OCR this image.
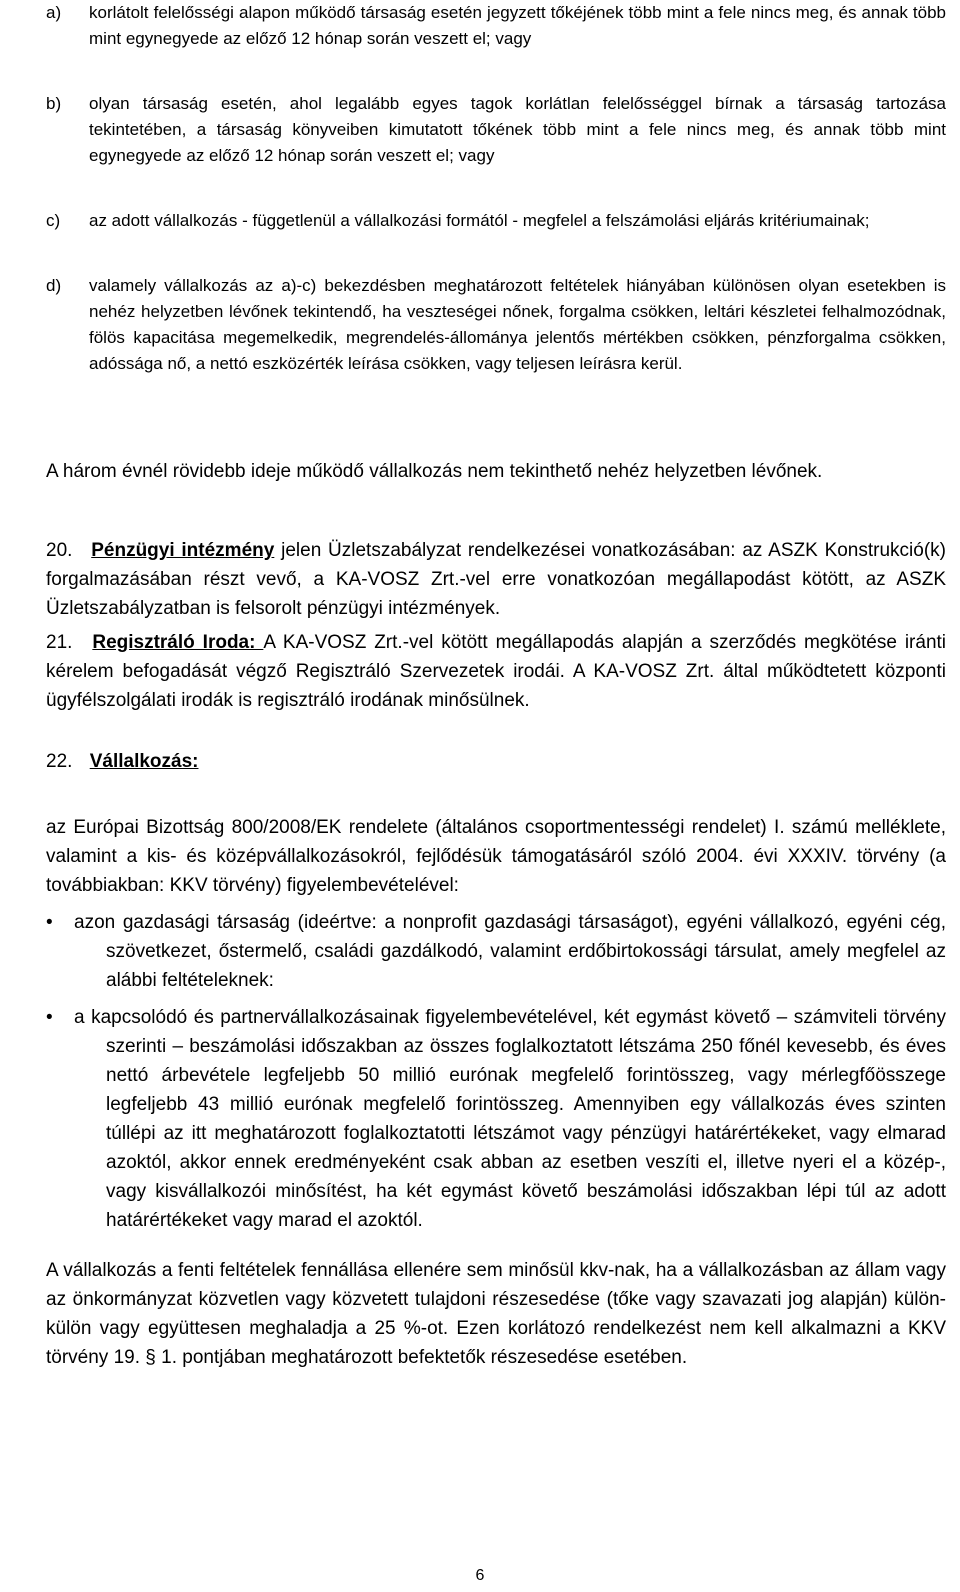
a) korlátolt felelősségi alapon működő társaság esetén jegyzett tőkéjének több mint a fele nincs meg, és annak több mint egynegyede az előző 12 hónap során veszett el; vagy
b) olyan társaság esetén, ahol legalább egyes tagok korlátlan felelősséggel bírnak a társaság tartozása tekintetében, a társaság könyveiben kimutatott tőkének több mint a fele nincs meg, és annak több mint egynegyede az előző 12 hónap során veszett el; vagy
c) az adott vállalkozás - függetlenül a vállalkozási formától - megfelel a felszámolási eljárás kritériumainak;
d) valamely vállalkozás az a)-c) bekezdésben meghatározott feltételek hiányában különösen olyan esetekben is nehéz helyzetben lévőnek tekintendő, ha veszteségei nőnek, forgalma csökken, leltári készletei felhalmozódnak, fölös kapacitása megemelkedik, megrendelés-állománya jelentős mértékben csökken, pénzforgalma csökken, adóssága nő, a nettó eszközérték leírása csökken, vagy teljesen leírásra kerül.
A három évnél rövidebb ideje működő vállalkozás nem tekinthető nehéz helyzetben lévőnek.
20. Pénzügyi intézmény jelen Üzletszabályzat rendelkezései vonatkozásában: az ASZK Konstrukció(k) forgalmazásában részt vevő, a KA-VOSZ Zrt.-vel erre vonatkozóan megállapodást kötött, az ASZK Üzletszabályzatban is felsorolt pénzügyi intézmények.
21. Regisztráló Iroda: A KA-VOSZ Zrt.-vel kötött megállapodás alapján a szerződés megkötése iránti kérelem befogadását végző Regisztráló Szervezetek irodái. A KA-VOSZ Zrt. által működtetett központi ügyfélszolgálati irodák is regisztráló irodának minősülnek.
22. Vállalkozás:
az Európai Bizottság 800/2008/EK rendelete (általános csoportmentességi rendelet) I. számú melléklete, valamint a kis- és középvállalkozásokról, fejlődésük támogatásáról szóló 2004. évi XXXIV. törvény (a továbbiakban: KKV törvény) figyelembevételével:
• azon gazdasági társaság (ideértve: a nonprofit gazdasági társaságot), egyéni vállalkozó, egyéni cég, szövetkezet, őstermelő, családi gazdálkodó, valamint erdőbirtokossági társulat, amely megfelel az alábbi feltételeknek:
• a kapcsolódó és partnervállalkozásainak figyelembevételével, két egymást követő – számviteli törvény szerinti – beszámolási időszakban az összes foglalkoztatott létszáma 250 főnél kevesebb, és éves nettó árbevétele legfeljebb 50 millió eurónak megfelelő forintösszeg, vagy mérlegfőösszege legfeljebb 43 millió eurónak megfelelő forintösszeg. Amennyiben egy vállalkozás éves szinten túllépi az itt meghatározott foglalkoztatotti létszámot vagy pénzügyi határértékeket, vagy elmarad azoktól, akkor ennek eredményeként csak abban az esetben veszíti el, illetve nyeri el a közép-, vagy kisvállalkozói minősítést, ha két egymást követő beszámolási időszakban lépi túl az adott határértékeket vagy marad el azoktól.
A vállalkozás a fenti feltételek fennállása ellenére sem minősül kkv-nak, ha a vállalkozásban az állam vagy az önkormányzat közvetlen vagy közvetett tulajdoni részesedése (tőke vagy szavazati jog alapján) külön-külön vagy együttesen meghaladja a 25 %-ot. Ezen korlátozó rendelkezést nem kell alkalmazni a KKV törvény 19. § 1. pontjában meghatározott befektetők részesedése esetében.
6
